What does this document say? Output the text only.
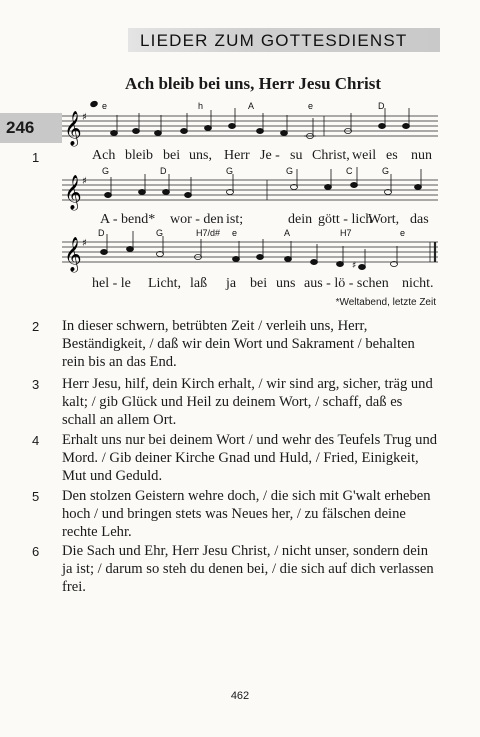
LIEDER ZUM GOTTESDIENST
Ach bleib bei uns, Herr Jesu Christ
246
1
𝄞 ♯
e	h	A	e	D
Ach bleib bei uns, Herr Je - su Christ, weil es nun
𝄞 ♯
G	D	G	G	C	G
A - bend* wor - den ist;	dein gött - lich
Wort, das
𝄞 ♯
D	G	H7/d# e	A	H7	e
♯
hel - le Licht, laß ja bei uns aus - lö - schen nicht.
*Weltabend, letzte Zeit
2 In dieser schwern, betrübten Zeit / verleih uns, Herr, Beständigkeit, / daß wir dein Wort und Sakrament / behalten rein bis an das End.
3 Herr Jesu, hilf, dein Kirch erhalt, / wir sind arg, sicher, träg und kalt; / gib Glück und Heil zu deinem Wort, / schaff, daß es schall an allem Ort.
4 Erhalt uns nur bei deinem Wort / und wehr des Teufels Trug und Mord. / Gib deiner Kirche Gnad und Huld, / Fried, Einigkeit, Mut und Geduld.
5 Den stolzen Geistern wehre doch, / die sich mit G'walt erheben hoch / und bringen stets was Neues her, / zu fälschen deine rechte Lehr.
6 Die Sach und Ehr, Herr Jesu Christ, / nicht unser, sondern dein ja ist; / darum so steh du denen bei, / die sich auf dich verlassen frei.
462
